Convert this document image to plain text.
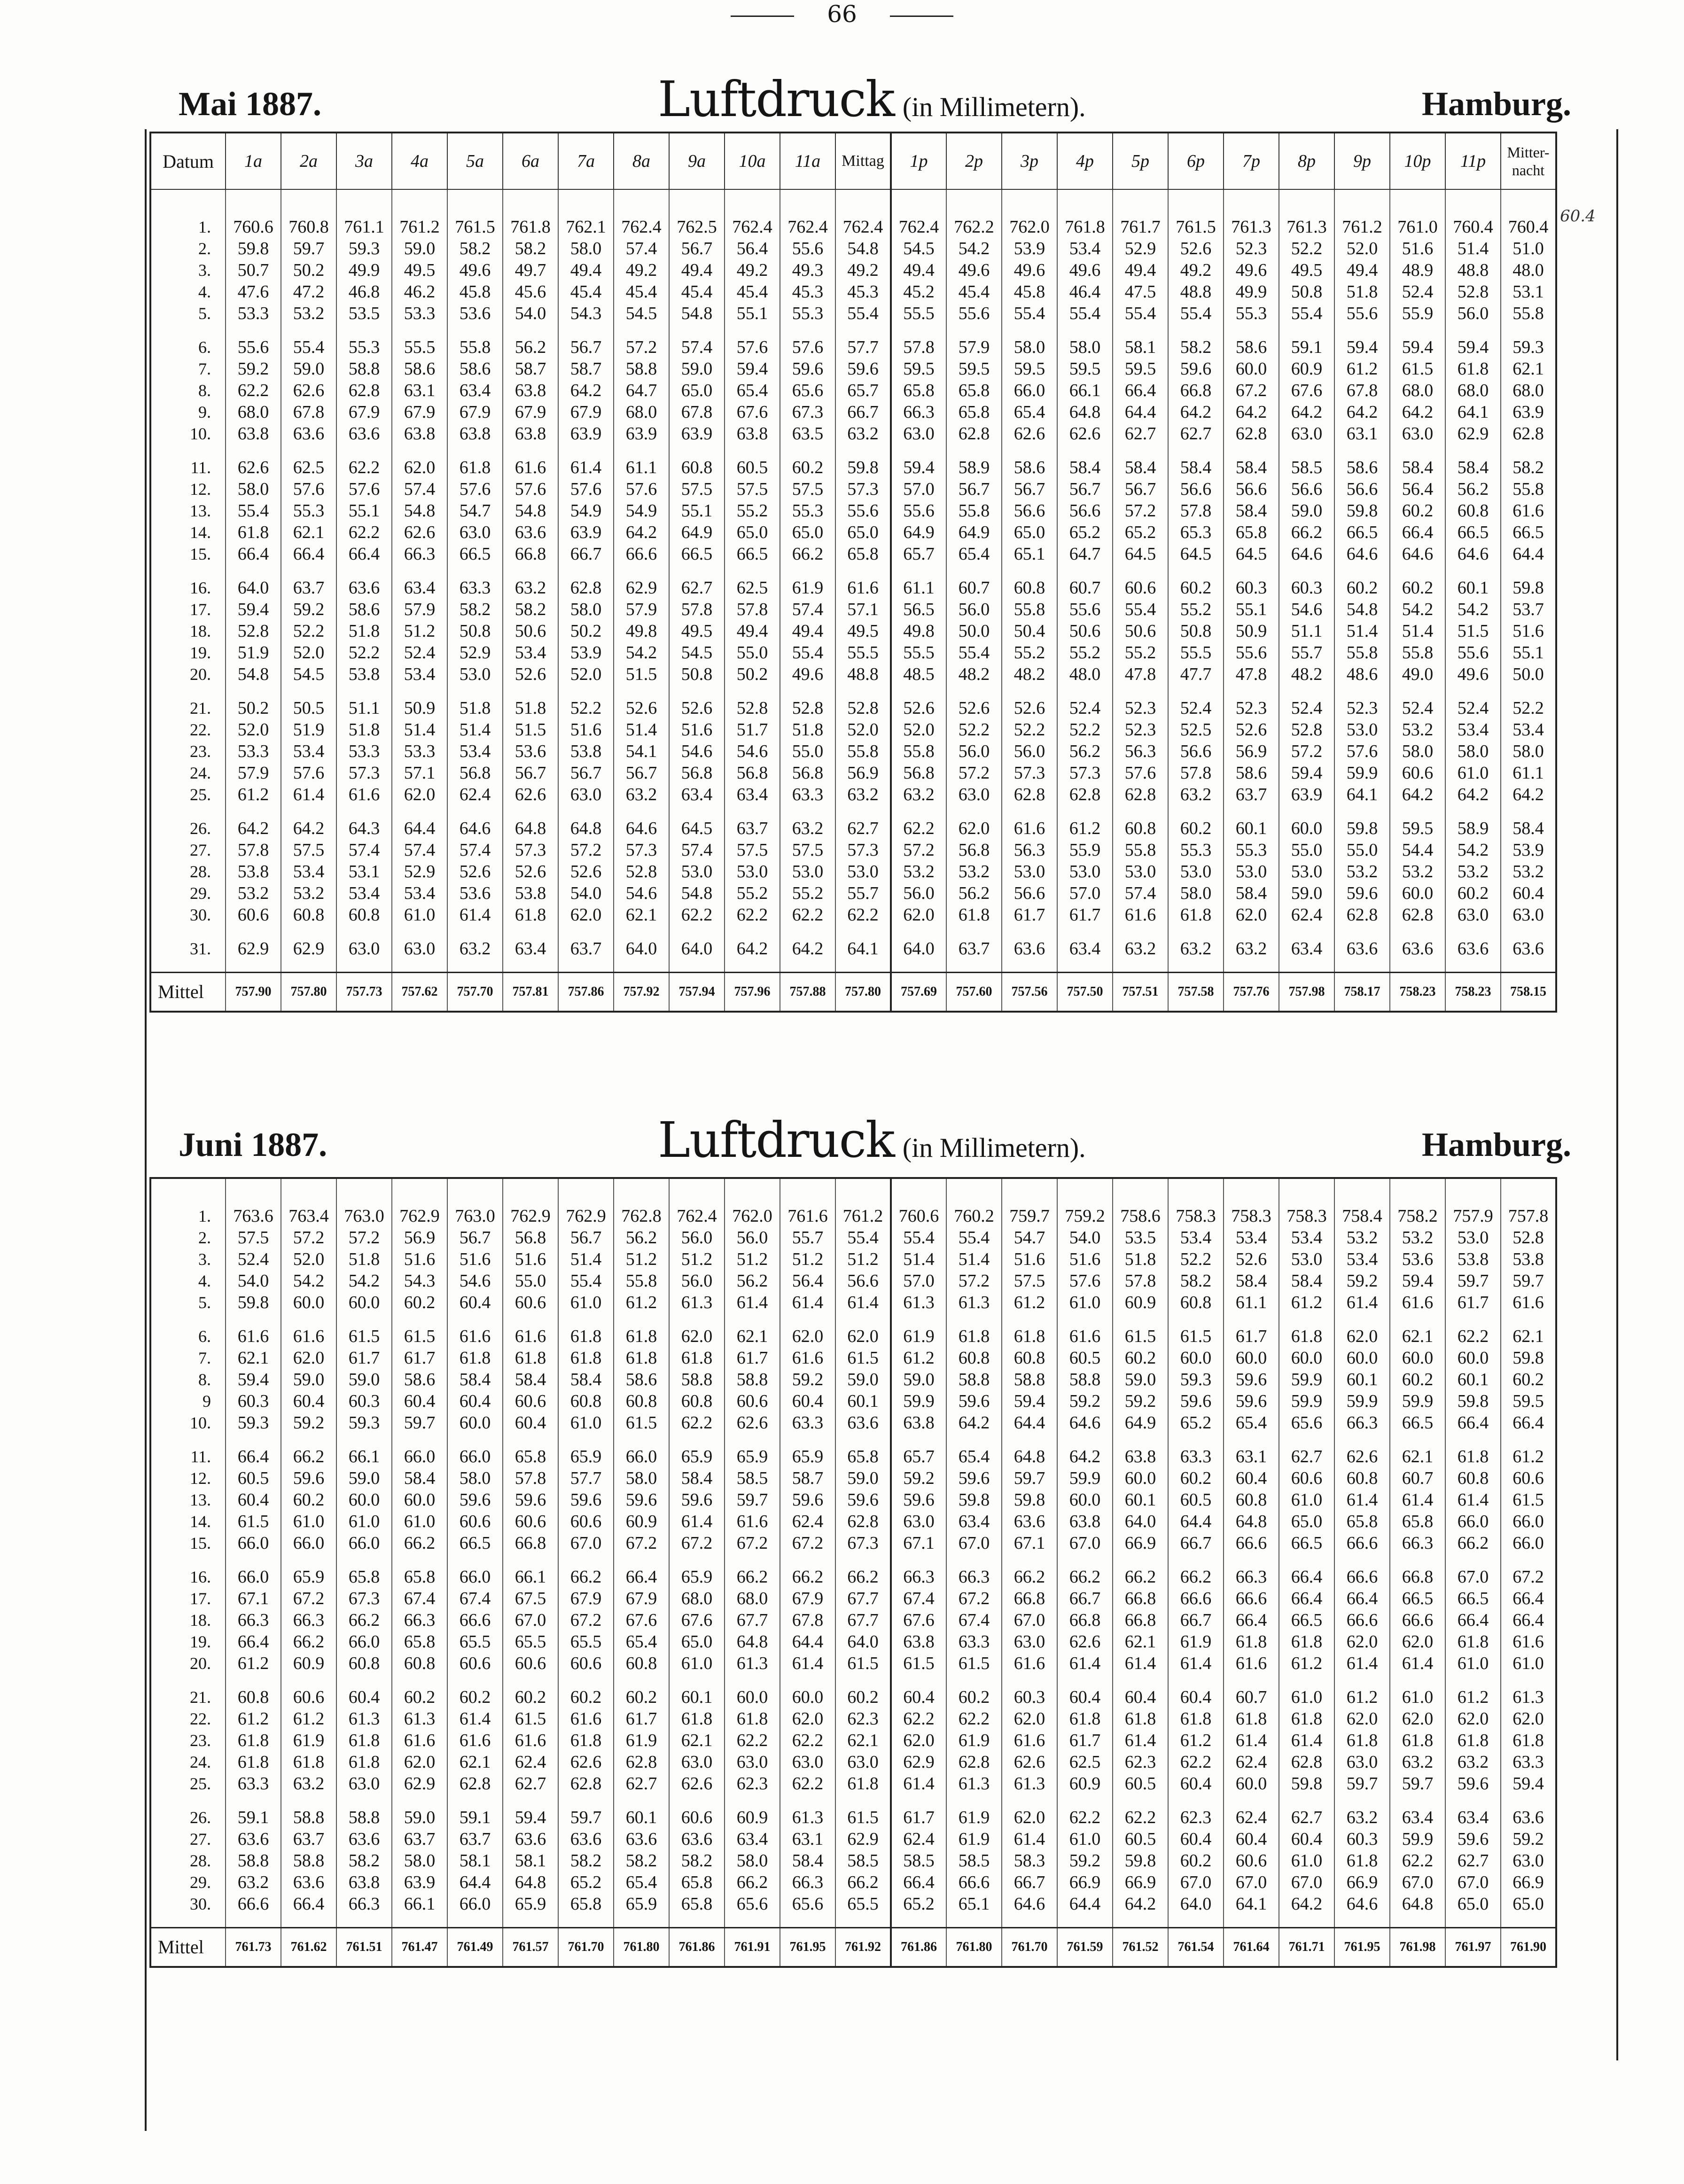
66
Mai 1887.	Luftdruck (in Millimetern).	Hamburg.
60.4
Datum	1a	2a	3a	4a	5a	6a	7a	8a	9a	10a	11a	Mittag	1p	2p	3p	4p	5p	6p	7p	8p	9p	10p	11p	Mitter-nacht

1.	760.6	760.8	761.1	761.2	761.5	761.8	762.1	762.4	762.5	762.4	762.4	762.4	762.4	762.2	762.0	761.8	761.7	761.5	761.3	761.3	761.2	761.0	760.4	760.4
2.	59.8	59.7	59.3	59.0	58.2	58.2	58.0	57.4	56.7	56.4	55.6	54.8	54.5	54.2	53.9	53.4	52.9	52.6	52.3	52.2	52.0	51.6	51.4	51.0
3.	50.7	50.2	49.9	49.5	49.6	49.7	49.4	49.2	49.4	49.2	49.3	49.2	49.4	49.6	49.6	49.6	49.4	49.2	49.6	49.5	49.4	48.9	48.8	48.0
4.	47.6	47.2	46.8	46.2	45.8	45.6	45.4	45.4	45.4	45.4	45.3	45.3	45.2	45.4	45.8	46.4	47.5	48.8	49.9	50.8	51.8	52.4	52.8	53.1
5.	53.3	53.2	53.5	53.3	53.6	54.0	54.3	54.5	54.8	55.1	55.3	55.4	55.5	55.6	55.4	55.4	55.4	55.4	55.3	55.4	55.6	55.9	56.0	55.8

6.	55.6	55.4	55.3	55.5	55.8	56.2	56.7	57.2	57.4	57.6	57.6	57.7	57.8	57.9	58.0	58.0	58.1	58.2	58.6	59.1	59.4	59.4	59.4	59.3
7.	59.2	59.0	58.8	58.6	58.6	58.7	58.7	58.8	59.0	59.4	59.6	59.6	59.5	59.5	59.5	59.5	59.5	59.6	60.0	60.9	61.2	61.5	61.8	62.1
8.	62.2	62.6	62.8	63.1	63.4	63.8	64.2	64.7	65.0	65.4	65.6	65.7	65.8	65.8	66.0	66.1	66.4	66.8	67.2	67.6	67.8	68.0	68.0	68.0
9.	68.0	67.8	67.9	67.9	67.9	67.9	67.9	68.0	67.8	67.6	67.3	66.7	66.3	65.8	65.4	64.8	64.4	64.2	64.2	64.2	64.2	64.2	64.1	63.9
10.	63.8	63.6	63.6	63.8	63.8	63.8	63.9	63.9	63.9	63.8	63.5	63.2	63.0	62.8	62.6	62.6	62.7	62.7	62.8	63.0	63.1	63.0	62.9	62.8

11.	62.6	62.5	62.2	62.0	61.8	61.6	61.4	61.1	60.8	60.5	60.2	59.8	59.4	58.9	58.6	58.4	58.4	58.4	58.4	58.5	58.6	58.4	58.4	58.2
12.	58.0	57.6	57.6	57.4	57.6	57.6	57.6	57.6	57.5	57.5	57.5	57.3	57.0	56.7	56.7	56.7	56.7	56.6	56.6	56.6	56.6	56.4	56.2	55.8
13.	55.4	55.3	55.1	54.8	54.7	54.8	54.9	54.9	55.1	55.2	55.3	55.6	55.6	55.8	56.6	56.6	57.2	57.8	58.4	59.0	59.8	60.2	60.8	61.6
14.	61.8	62.1	62.2	62.6	63.0	63.6	63.9	64.2	64.9	65.0	65.0	65.0	64.9	64.9	65.0	65.2	65.2	65.3	65.8	66.2	66.5	66.4	66.5	66.5
15.	66.4	66.4	66.4	66.3	66.5	66.8	66.7	66.6	66.5	66.5	66.2	65.8	65.7	65.4	65.1	64.7	64.5	64.5	64.5	64.6	64.6	64.6	64.6	64.4

16.	64.0	63.7	63.6	63.4	63.3	63.2	62.8	62.9	62.7	62.5	61.9	61.6	61.1	60.7	60.8	60.7	60.6	60.2	60.3	60.3	60.2	60.2	60.1	59.8
17.	59.4	59.2	58.6	57.9	58.2	58.2	58.0	57.9	57.8	57.8	57.4	57.1	56.5	56.0	55.8	55.6	55.4	55.2	55.1	54.6	54.8	54.2	54.2	53.7
18.	52.8	52.2	51.8	51.2	50.8	50.6	50.2	49.8	49.5	49.4	49.4	49.5	49.8	50.0	50.4	50.6	50.6	50.8	50.9	51.1	51.4	51.4	51.5	51.6
19.	51.9	52.0	52.2	52.4	52.9	53.4	53.9	54.2	54.5	55.0	55.4	55.5	55.5	55.4	55.2	55.2	55.2	55.5	55.6	55.7	55.8	55.8	55.6	55.1
20.	54.8	54.5	53.8	53.4	53.0	52.6	52.0	51.5	50.8	50.2	49.6	48.8	48.5	48.2	48.2	48.0	47.8	47.7	47.8	48.2	48.6	49.0	49.6	50.0

21.	50.2	50.5	51.1	50.9	51.8	51.8	52.2	52.6	52.6	52.8	52.8	52.8	52.6	52.6	52.6	52.4	52.3	52.4	52.3	52.4	52.3	52.4	52.4	52.2
22.	52.0	51.9	51.8	51.4	51.4	51.5	51.6	51.4	51.6	51.7	51.8	52.0	52.0	52.2	52.2	52.2	52.3	52.5	52.6	52.8	53.0	53.2	53.4	53.4
23.	53.3	53.4	53.3	53.3	53.4	53.6	53.8	54.1	54.6	54.6	55.0	55.8	55.8	56.0	56.0	56.2	56.3	56.6	56.9	57.2	57.6	58.0	58.0	58.0
24.	57.9	57.6	57.3	57.1	56.8	56.7	56.7	56.7	56.8	56.8	56.8	56.9	56.8	57.2	57.3	57.3	57.6	57.8	58.6	59.4	59.9	60.6	61.0	61.1
25.	61.2	61.4	61.6	62.0	62.4	62.6	63.0	63.2	63.4	63.4	63.3	63.2	63.2	63.0	62.8	62.8	62.8	63.2	63.7	63.9	64.1	64.2	64.2	64.2

26.	64.2	64.2	64.3	64.4	64.6	64.8	64.8	64.6	64.5	63.7	63.2	62.7	62.2	62.0	61.6	61.2	60.8	60.2	60.1	60.0	59.8	59.5	58.9	58.4
27.	57.8	57.5	57.4	57.4	57.4	57.3	57.2	57.3	57.4	57.5	57.5	57.3	57.2	56.8	56.3	55.9	55.8	55.3	55.3	55.0	55.0	54.4	54.2	53.9
28.	53.8	53.4	53.1	52.9	52.6	52.6	52.6	52.8	53.0	53.0	53.0	53.0	53.2	53.2	53.0	53.0	53.0	53.0	53.0	53.0	53.2	53.2	53.2	53.2
29.	53.2	53.2	53.4	53.4	53.6	53.8	54.0	54.6	54.8	55.2	55.2	55.7	56.0	56.2	56.6	57.0	57.4	58.0	58.4	59.0	59.6	60.0	60.2	60.4
30.	60.6	60.8	60.8	61.0	61.4	61.8	62.0	62.1	62.2	62.2	62.2	62.2	62.0	61.8	61.7	61.7	61.6	61.8	62.0	62.4	62.8	62.8	63.0	63.0

31.	62.9	62.9	63.0	63.0	63.2	63.4	63.7	64.0	64.0	64.2	64.2	64.1	64.0	63.7	63.6	63.4	63.2	63.2	63.2	63.4	63.6	63.6	63.6	63.6

Mittel	757.90	757.80	757.73	757.62	757.70	757.81	757.86	757.92	757.94	757.96	757.88	757.80	757.69	757.60	757.56	757.50	757.51	757.58	757.76	757.98	758.17	758.23	758.23	758.15
Juni 1887.	Luftdruck (in Millimetern).	Hamburg.

1.	763.6	763.4	763.0	762.9	763.0	762.9	762.9	762.8	762.4	762.0	761.6	761.2	760.6	760.2	759.7	759.2	758.6	758.3	758.3	758.3	758.4	758.2	757.9	757.8
2.	57.5	57.2	57.2	56.9	56.7	56.8	56.7	56.2	56.0	56.0	55.7	55.4	55.4	55.4	54.7	54.0	53.5	53.4	53.4	53.4	53.2	53.2	53.0	52.8
3.	52.4	52.0	51.8	51.6	51.6	51.6	51.4	51.2	51.2	51.2	51.2	51.2	51.4	51.4	51.6	51.6	51.8	52.2	52.6	53.0	53.4	53.6	53.8	53.8
4.	54.0	54.2	54.2	54.3	54.6	55.0	55.4	55.8	56.0	56.2	56.4	56.6	57.0	57.2	57.5	57.6	57.8	58.2	58.4	58.4	59.2	59.4	59.7	59.7
5.	59.8	60.0	60.0	60.2	60.4	60.6	61.0	61.2	61.3	61.4	61.4	61.4	61.3	61.3	61.2	61.0	60.9	60.8	61.1	61.2	61.4	61.6	61.7	61.6

6.	61.6	61.6	61.5	61.5	61.6	61.6	61.8	61.8	62.0	62.1	62.0	62.0	61.9	61.8	61.8	61.6	61.5	61.5	61.7	61.8	62.0	62.1	62.2	62.1
7.	62.1	62.0	61.7	61.7	61.8	61.8	61.8	61.8	61.8	61.7	61.6	61.5	61.2	60.8	60.8	60.5	60.2	60.0	60.0	60.0	60.0	60.0	60.0	59.8
8.	59.4	59.0	59.0	58.6	58.4	58.4	58.4	58.6	58.8	58.8	59.2	59.0	59.0	58.8	58.8	58.8	59.0	59.3	59.6	59.9	60.1	60.2	60.1	60.2
9	60.3	60.4	60.3	60.4	60.4	60.6	60.8	60.8	60.8	60.6	60.4	60.1	59.9	59.6	59.4	59.2	59.2	59.6	59.6	59.9	59.9	59.9	59.8	59.5
10.	59.3	59.2	59.3	59.7	60.0	60.4	61.0	61.5	62.2	62.6	63.3	63.6	63.8	64.2	64.4	64.6	64.9	65.2	65.4	65.6	66.3	66.5	66.4	66.4

11.	66.4	66.2	66.1	66.0	66.0	65.8	65.9	66.0	65.9	65.9	65.9	65.8	65.7	65.4	64.8	64.2	63.8	63.3	63.1	62.7	62.6	62.1	61.8	61.2
12.	60.5	59.6	59.0	58.4	58.0	57.8	57.7	58.0	58.4	58.5	58.7	59.0	59.2	59.6	59.7	59.9	60.0	60.2	60.4	60.6	60.8	60.7	60.8	60.6
13.	60.4	60.2	60.0	60.0	59.6	59.6	59.6	59.6	59.6	59.7	59.6	59.6	59.6	59.8	59.8	60.0	60.1	60.5	60.8	61.0	61.4	61.4	61.4	61.5
14.	61.5	61.0	61.0	61.0	60.6	60.6	60.6	60.9	61.4	61.6	62.4	62.8	63.0	63.4	63.6	63.8	64.0	64.4	64.8	65.0	65.8	65.8	66.0	66.0
15.	66.0	66.0	66.0	66.2	66.5	66.8	67.0	67.2	67.2	67.2	67.2	67.3	67.1	67.0	67.1	67.0	66.9	66.7	66.6	66.5	66.6	66.3	66.2	66.0

16.	66.0	65.9	65.8	65.8	66.0	66.1	66.2	66.4	65.9	66.2	66.2	66.2	66.3	66.3	66.2	66.2	66.2	66.2	66.3	66.4	66.6	66.8	67.0	67.2
17.	67.1	67.2	67.3	67.4	67.4	67.5	67.9	67.9	68.0	68.0	67.9	67.7	67.4	67.2	66.8	66.7	66.8	66.6	66.6	66.4	66.4	66.5	66.5	66.4
18.	66.3	66.3	66.2	66.3	66.6	67.0	67.2	67.6	67.6	67.7	67.8	67.7	67.6	67.4	67.0	66.8	66.8	66.7	66.4	66.5	66.6	66.6	66.4	66.4
19.	66.4	66.2	66.0	65.8	65.5	65.5	65.5	65.4	65.0	64.8	64.4	64.0	63.8	63.3	63.0	62.6	62.1	61.9	61.8	61.8	62.0	62.0	61.8	61.6
20.	61.2	60.9	60.8	60.8	60.6	60.6	60.6	60.8	61.0	61.3	61.4	61.5	61.5	61.5	61.6	61.4	61.4	61.4	61.6	61.2	61.4	61.4	61.0	61.0

21.	60.8	60.6	60.4	60.2	60.2	60.2	60.2	60.2	60.1	60.0	60.0	60.2	60.4	60.2	60.3	60.4	60.4	60.4	60.7	61.0	61.2	61.0	61.2	61.3
22.	61.2	61.2	61.3	61.3	61.4	61.5	61.6	61.7	61.8	61.8	62.0	62.3	62.2	62.2	62.0	61.8	61.8	61.8	61.8	61.8	62.0	62.0	62.0	62.0
23.	61.8	61.9	61.8	61.6	61.6	61.6	61.8	61.9	62.1	62.2	62.2	62.1	62.0	61.9	61.6	61.7	61.4	61.2	61.4	61.4	61.8	61.8	61.8	61.8
24.	61.8	61.8	61.8	62.0	62.1	62.4	62.6	62.8	63.0	63.0	63.0	63.0	62.9	62.8	62.6	62.5	62.3	62.2	62.4	62.8	63.0	63.2	63.2	63.3
25.	63.3	63.2	63.0	62.9	62.8	62.7	62.8	62.7	62.6	62.3	62.2	61.8	61.4	61.3	61.3	60.9	60.5	60.4	60.0	59.8	59.7	59.7	59.6	59.4

26.	59.1	58.8	58.8	59.0	59.1	59.4	59.7	60.1	60.6	60.9	61.3	61.5	61.7	61.9	62.0	62.2	62.2	62.3	62.4	62.7	63.2	63.4	63.4	63.6
27.	63.6	63.7	63.6	63.7	63.7	63.6	63.6	63.6	63.6	63.4	63.1	62.9	62.4	61.9	61.4	61.0	60.5	60.4	60.4	60.4	60.3	59.9	59.6	59.2
28.	58.8	58.8	58.2	58.0	58.1	58.1	58.2	58.2	58.2	58.0	58.4	58.5	58.5	58.5	58.3	59.2	59.8	60.2	60.6	61.0	61.8	62.2	62.7	63.0
29.	63.2	63.6	63.8	63.9	64.4	64.8	65.2	65.4	65.8	66.2	66.3	66.2	66.4	66.6	66.7	66.9	66.9	67.0	67.0	67.0	66.9	67.0	67.0	66.9
30.	66.6	66.4	66.3	66.1	66.0	65.9	65.8	65.9	65.8	65.6	65.6	65.5	65.2	65.1	64.6	64.4	64.2	64.0	64.1	64.2	64.6	64.8	65.0	65.0

Mittel	761.73	761.62	761.51	761.47	761.49	761.57	761.70	761.80	761.86	761.91	761.95	761.92	761.86	761.80	761.70	761.59	761.52	761.54	761.64	761.71	761.95	761.98	761.97	761.90
